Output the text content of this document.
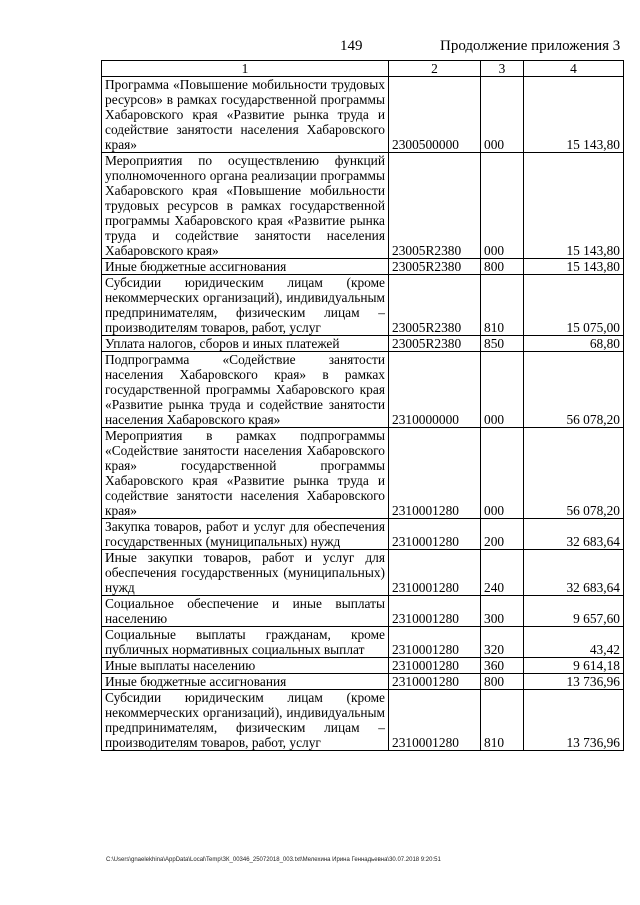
149	Продолжение приложения 3
1	2	3	4
Программа «Повышение мобильности трудовых ресурсов» в рамках государственной программы Хабаровского края «Развитие рынка труда и содействие занятости населения Хабаровского края»	2300500000	000	15 143,80
Мероприятия по осуществлению функций уполномоченного органа реализации программы Хабаровского края «Повышение мобильности трудовых ресурсов в рамках государственной программы Хабаровского края «Развитие рынка труда и содействие занятости населения Хабаровского края»	23005R2380	000	15 143,80
Иные бюджетные ассигнования	23005R2380	800	15 143,80
Субсидии юридическим лицам (кроме некоммерческих организаций), индивидуальным предпринимателям, физическим лицам – производителям товаров, работ, услуг	23005R2380	810	15 075,00
Уплата налогов, сборов и иных платежей	23005R2380	850	68,80
Подпрограмма «Содействие занятости населения Хабаровского края» в рамках государственной программы Хабаровского края «Развитие рынка труда и содействие занятости населения Хабаровского края»	2310000000	000	56 078,20
Мероприятия в рамках подпрограммы «Содействие занятости населения Хабаровского края» государственной программы Хабаровского края «Развитие рынка труда и содействие занятости населения Хабаровского края»	2310001280	000	56 078,20
Закупка товаров, работ и услуг для обеспечения государственных (муниципальных) нужд	2310001280	200	32 683,64
Иные закупки товаров, работ и услуг для обеспечения государственных (муниципальных) нужд	2310001280	240	32 683,64
Социальное обеспечение и иные выплаты населению	2310001280	300	9 657,60
Социальные выплаты гражданам, кроме публичных нормативных социальных выплат	2310001280	320	43,42
Иные выплаты населению	2310001280	360	9 614,18
Иные бюджетные ассигнования	2310001280	800	13 736,96
Субсидии юридическим лицам (кроме некоммерческих организаций), индивидуальным предпринимателям, физическим лицам – производителям товаров, работ, услуг	2310001280	810	13 736,96
C:\Users\gnaelekhina\AppData\Local\Temp\ЗК_00346_25072018_003.txt\Мелехина Ирина Геннадьевна\30.07.2018 9:20:51
